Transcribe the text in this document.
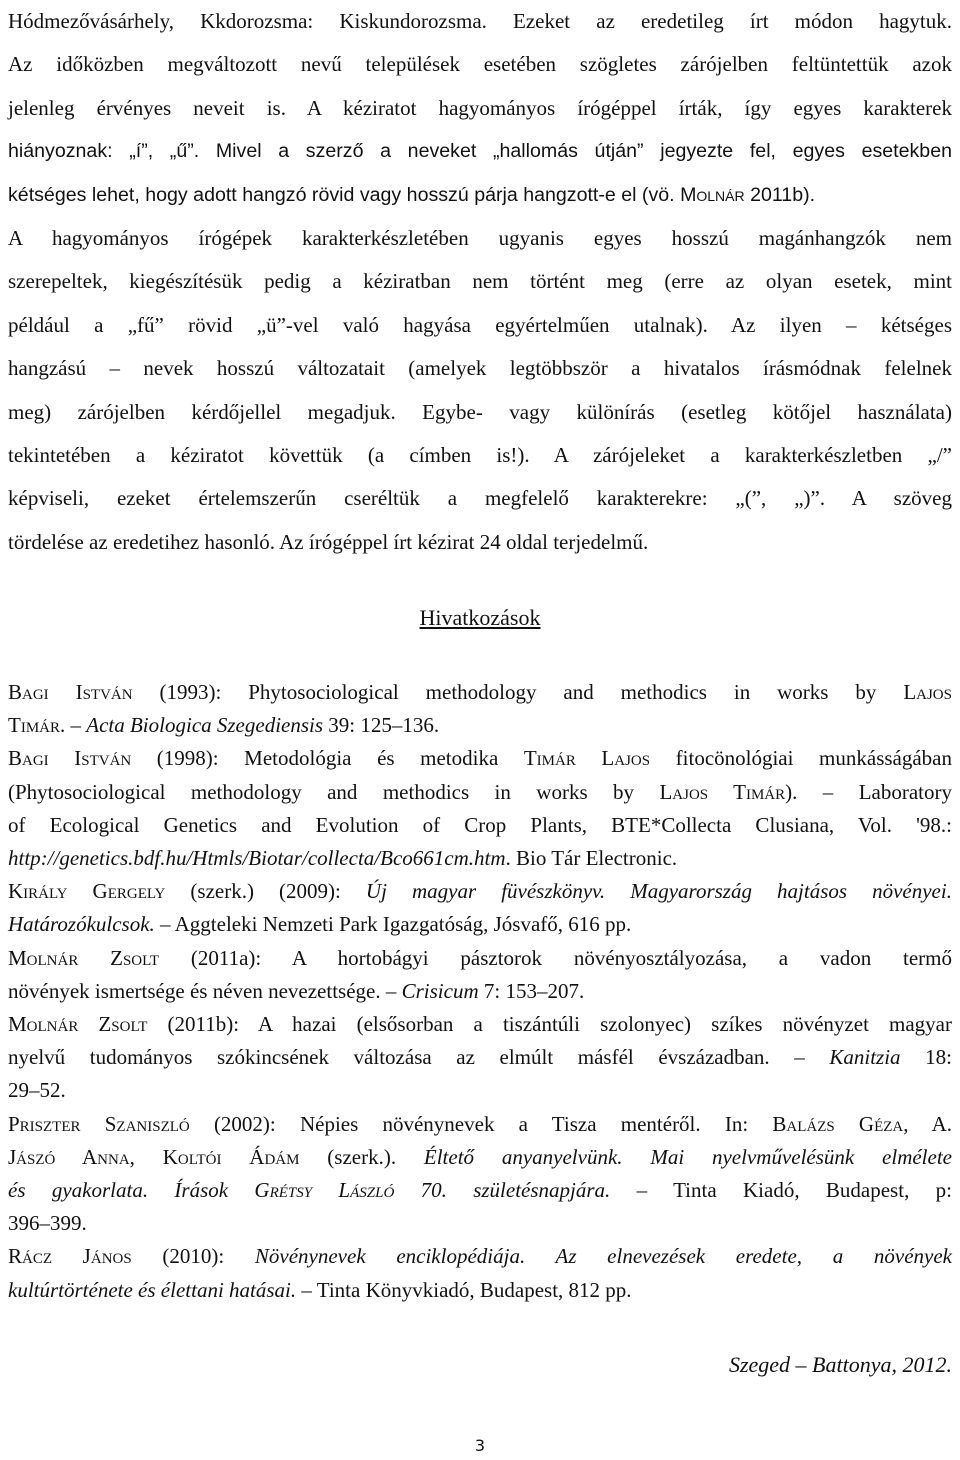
Hódmezővásárhely, Kkdorozsma: Kiskundorozsma. Ezeket az eredetileg írt módon hagytuk.
Az időközben megváltozott nevű települések esetében szögletes zárójelben feltüntettük azok
jelenleg érvényes neveit is. A kéziratot hagyományos írógéppel írták, így egyes karakterek
hiányoznak: „í”, „ű”. Mivel a szerző a neveket „hallomás útján” jegyezte fel, egyes esetekben
kétséges lehet, hogy adott hangzó rövid vagy hosszú párja hangzott-e el (vö. Molnár 2011b).
A hagyományos írógépek karakterkészletében ugyanis egyes hosszú magánhangzók nem
szerepeltek, kiegészítésük pedig a kéziratban nem történt meg (erre az olyan esetek, mint
például a „fű” rövid „ü”-vel való hagyása egyértelműen utalnak). Az ilyen – kétséges
hangzású – nevek hosszú változatait (amelyek legtöbbször a hivatalos írásmódnak felelnek
meg) zárójelben kérdőjellel megadjuk. Egybe- vagy különírás (esetleg kötőjel használata)
tekintetében a kéziratot követtük (a címben is!). A zárójeleket a karakterkészletben „/”
képviseli, ezeket értelemszerűn cseréltük a megfelelő karakterekre: „(”, „)”. A szöveg
tördelése az eredetihez hasonló. Az írógéppel írt kézirat 24 oldal terjedelmű.
Hivatkozások
Bagi István (1993): Phytosociological methodology and methodics in works by Lajos
Timár. – Acta Biologica Szegediensis 39: 125–136.
Bagi István (1998): Metodológia és metodika Timár Lajos fitocönológiai munkásságában
(Phytosociological methodology and methodics in works by Lajos Timár). – Laboratory
of Ecological Genetics and Evolution of Crop Plants, BTE*Collecta Clusiana, Vol. '98.:
http://genetics.bdf.hu/Htmls/Biotar/collecta/Bco661cm.htm. Bio Tár Electronic.
Király Gergely (szerk.) (2009): Új magyar füvészkönyv. Magyarország hajtásos növényei.
Határozókulcsok. – Aggteleki Nemzeti Park Igazgatóság, Jósvafő, 616 pp.
Molnár Zsolt (2011a): A hortobágyi pásztorok növényosztályozása, a vadon termő
növények ismertsége és néven nevezettsége. – Crisicum 7: 153–207.
Molnár Zsolt (2011b): A hazai (elsősorban a tiszántúli szolonyec) szíkes növényzet magyar
nyelvű tudományos szókincsének változása az elmúlt másfél évszázadban. – Kanitzia 18:
29–52.
Priszter Szaniszló (2002): Népies növénynevek a Tisza mentéről. In: Balázs Géza, A.
Jászó Anna, Koltói Ádám (szerk.). Éltető anyanyelvünk. Mai nyelvművelésünk elmélete
és gyakorlata. Írások Grétsy László 70. születésnapjára. – Tinta Kiadó, Budapest, p:
396–399.
Rácz János (2010): Növénynevek enciklopédiája. Az elnevezések eredete, a növények
kultúrtörténete és élettani hatásai. – Tinta Könyvkiadó, Budapest, 812 pp.
Szeged – Battonya, 2012.
3
